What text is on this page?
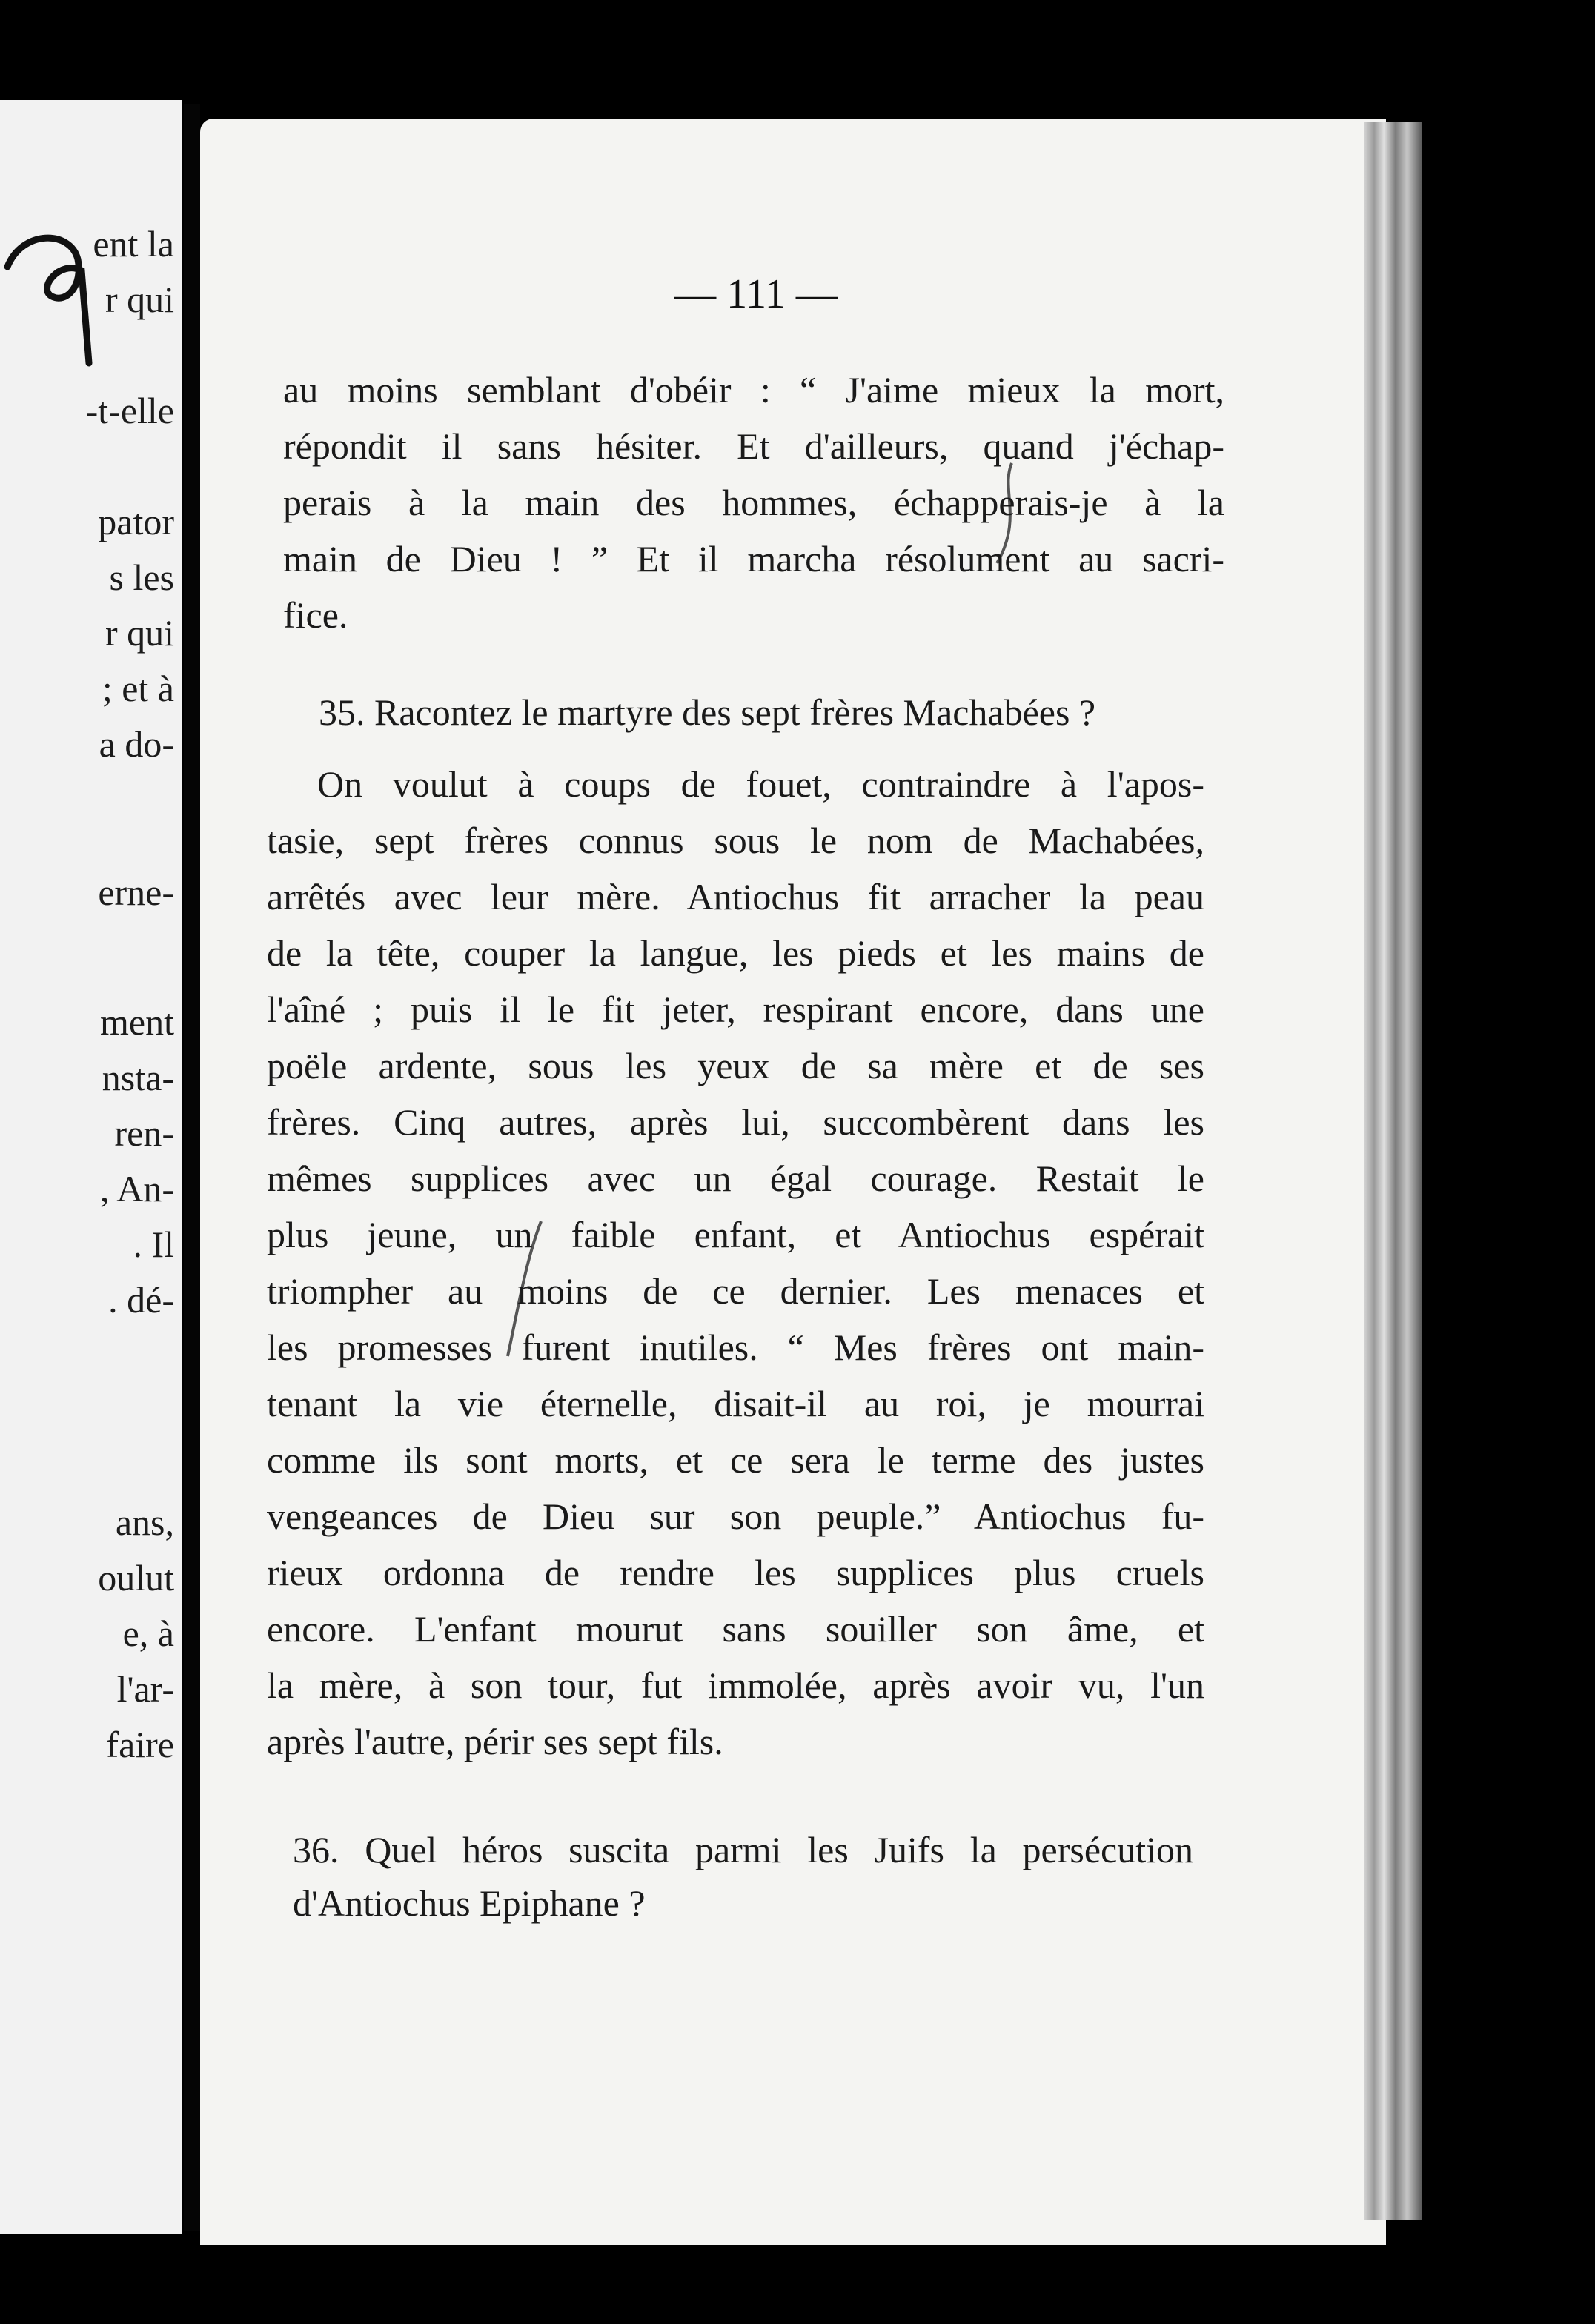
ent la
r qui
-t-elle
pator
s les
r qui
; et à
a do-
erne-
ment
nsta-
ren-
, An-
. Il
. dé-
ans,
oulut
e, à
l'ar-
faire
— 111 —
au moins semblant d'obéir : “ J'aime mieux la mort,
répondit il sans hésiter. Et d'ailleurs, quand j'échap-
perais à la main des hommes, échapperais-je à la
main de Dieu ! ” Et il marcha résolument au sacri-
fice.
35. Racontez le martyre des sept frères Machabées ?
On voulut à coups de fouet, contraindre à l'apos-
tasie, sept frères connus sous le nom de Machabées,
arrêtés avec leur mère. Antiochus fit arracher la peau
de la tête, couper la langue, les pieds et les mains de
l'aîné ; puis il le fit jeter, respirant encore, dans une
poële ardente, sous les yeux de sa mère et de ses
frères. Cinq autres, après lui, succombèrent dans les
mêmes supplices avec un égal courage. Restait le
plus jeune, un faible enfant, et Antiochus espérait
triompher au moins de ce dernier. Les menaces et
les promesses furent inutiles. “ Mes frères ont main-
tenant la vie éternelle, disait-il au roi, je mourrai
comme ils sont morts, et ce sera le terme des justes
vengeances de Dieu sur son peuple.” Antiochus fu-
rieux ordonna de rendre les supplices plus cruels
encore. L'enfant mourut sans souiller son âme, et
la mère, à son tour, fut immolée, après avoir vu, l'un
après l'autre, périr ses sept fils.
36. Quel héros suscita parmi les Juifs la persécution
d'Antiochus Epiphane ?
